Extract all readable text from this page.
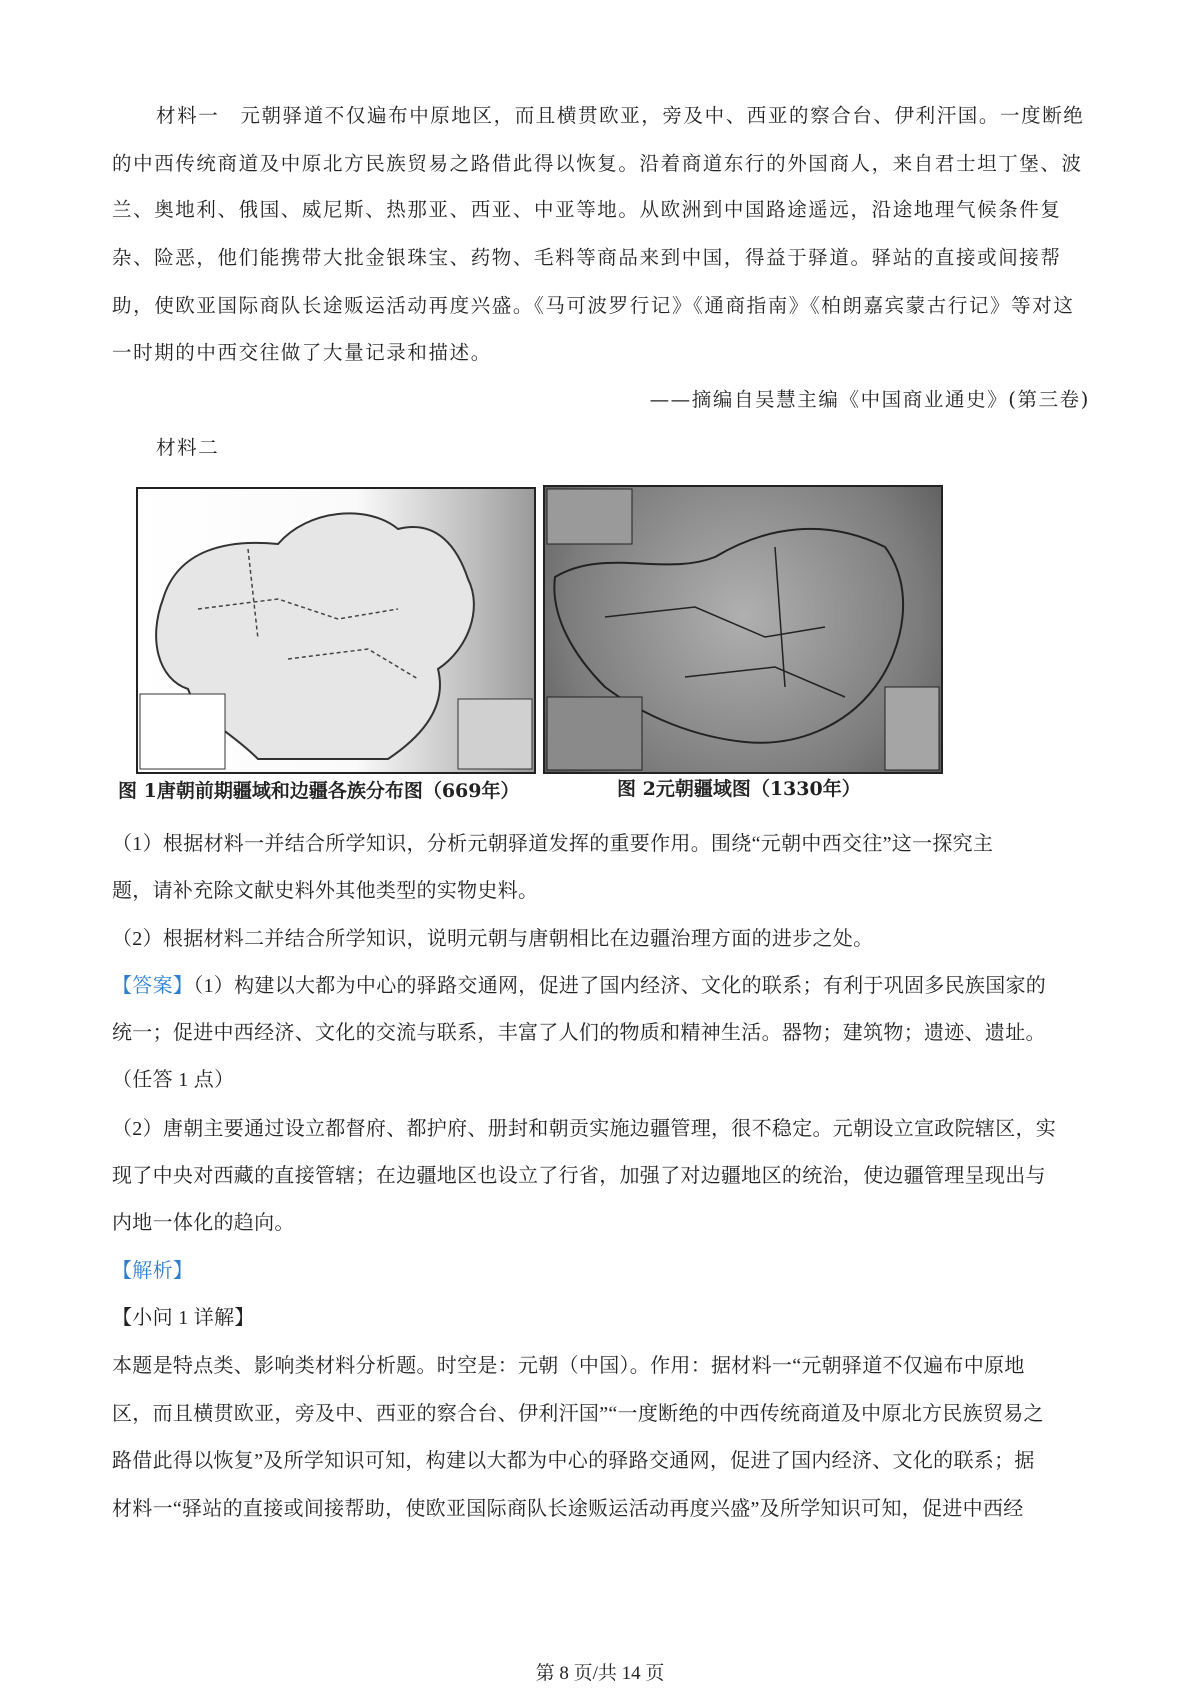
材料一　元朝驿道不仅遍布中原地区，而且横贯欧亚，旁及中、西亚的察合台、伊利汗国。一度断绝
的中西传统商道及中原北方民族贸易之路借此得以恢复。沿着商道东行的外国商人，来自君士坦丁堡、波
兰、奥地利、俄国、威尼斯、热那亚、西亚、中亚等地。从欧洲到中国路途遥远，沿途地理气候条件复
杂、险恶，他们能携带大批金银珠宝、药物、毛料等商品来到中国，得益于驿道。驿站的直接或间接帮
助，使欧亚国际商队长途贩运活动再度兴盛。《马可波罗行记》《通商指南》《柏朗嘉宾蒙古行记》等对这
一时期的中西交往做了大量记录和描述。
——摘编自吴慧主编《中国商业通史》(第三卷)
材料二
图 1唐朝前期疆域和边疆各族分布图（669年）	图 2元朝疆域图（1330年）
（1）根据材料一并结合所学知识，分析元朝驿道发挥的重要作用。围绕“元朝中西交往”这一探究主
题，请补充除文献史料外其他类型的实物史料。
（2）根据材料二并结合所学知识，说明元朝与唐朝相比在边疆治理方面的进步之处。
【答案】（1）构建以大都为中心的驿路交通网，促进了国内经济、文化的联系；有利于巩固多民族国家的
统一；促进中西经济、文化的交流与联系，丰富了人们的物质和精神生活。器物；建筑物；遗迹、遗址。
（任答 1 点）
（2）唐朝主要通过设立都督府、都护府、册封和朝贡实施边疆管理，很不稳定。元朝设立宣政院辖区，实
现了中央对西藏的直接管辖；在边疆地区也设立了行省，加强了对边疆地区的统治，使边疆管理呈现出与
内地一体化的趋向。
【解析】
【小问 1 详解】
本题是特点类、影响类材料分析题。时空是：元朝（中国）。作用：据材料一“元朝驿道不仅遍布中原地
区，而且横贯欧亚，旁及中、西亚的察合台、伊利汗国”“一度断绝的中西传统商道及中原北方民族贸易之
路借此得以恢复”及所学知识可知，构建以大都为中心的驿路交通网，促进了国内经济、文化的联系；据
材料一“驿站的直接或间接帮助，使欧亚国际商队长途贩运活动再度兴盛”及所学知识可知，促进中西经
第 8 页/共 14 页
